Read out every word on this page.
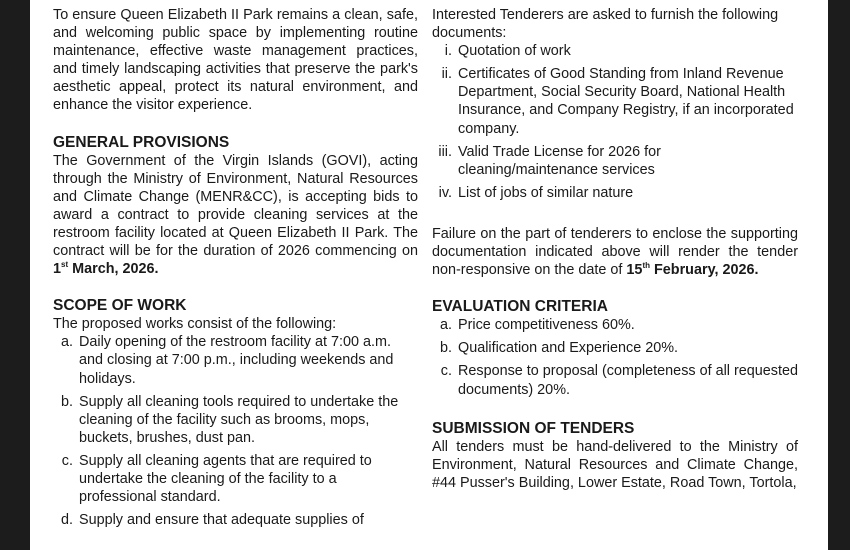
To ensure Queen Elizabeth II Park remains a clean, safe, and welcoming public space by implementing routine maintenance, effective waste management practices, and timely landscaping activities that preserve the park's aesthetic appeal, protect its natural environment, and enhance the visitor experience.

GENERAL PROVISIONS

The Government of the Virgin Islands (GOVI), acting through the Ministry of Environment, Natural Resources and Climate Change (MENR&CC), is accepting bids to award a contract to provide cleaning services at the restroom facility located at Queen Elizabeth II Park. The contract will be for the duration of 2026 commencing on 1st March, 2026.

SCOPE OF WORK

The proposed works consist of the following:

a. Daily opening of the restroom facility at 7:00 a.m. and closing at 7:00 p.m., including weekends and holidays.
b. Supply all cleaning tools required to undertake the cleaning of the facility such as brooms, mops, buckets, brushes, dust pan.
c. Supply all cleaning agents that are required to undertake the cleaning of the facility to a professional standard.
d. Supply and ensure that adequate supplies of

Interested Tenderers are asked to furnish the following documents:

i. Quotation of work
ii. Certificates of Good Standing from Inland Revenue Department, Social Security Board, National Health Insurance, and Company Registry, if an incorporated company.
iii. Valid Trade License for 2026 for cleaning/maintenance services
iv. List of jobs of similar nature

Failure on the part of tenderers to enclose the supporting documentation indicated above will render the tender non-responsive on the date of 15th February, 2026.

EVALUATION CRITERIA
a. Price competitiveness 60%.
b. Qualification and Experience 20%.
c. Response to proposal (completeness of all requested documents) 20%.
SUBMISSION OF TENDERS

All tenders must be hand-delivered to the Ministry of Environment, Natural Resources and Climate Change, #44 Pusser's Building, Lower Estate, Road Town, Tortola,
